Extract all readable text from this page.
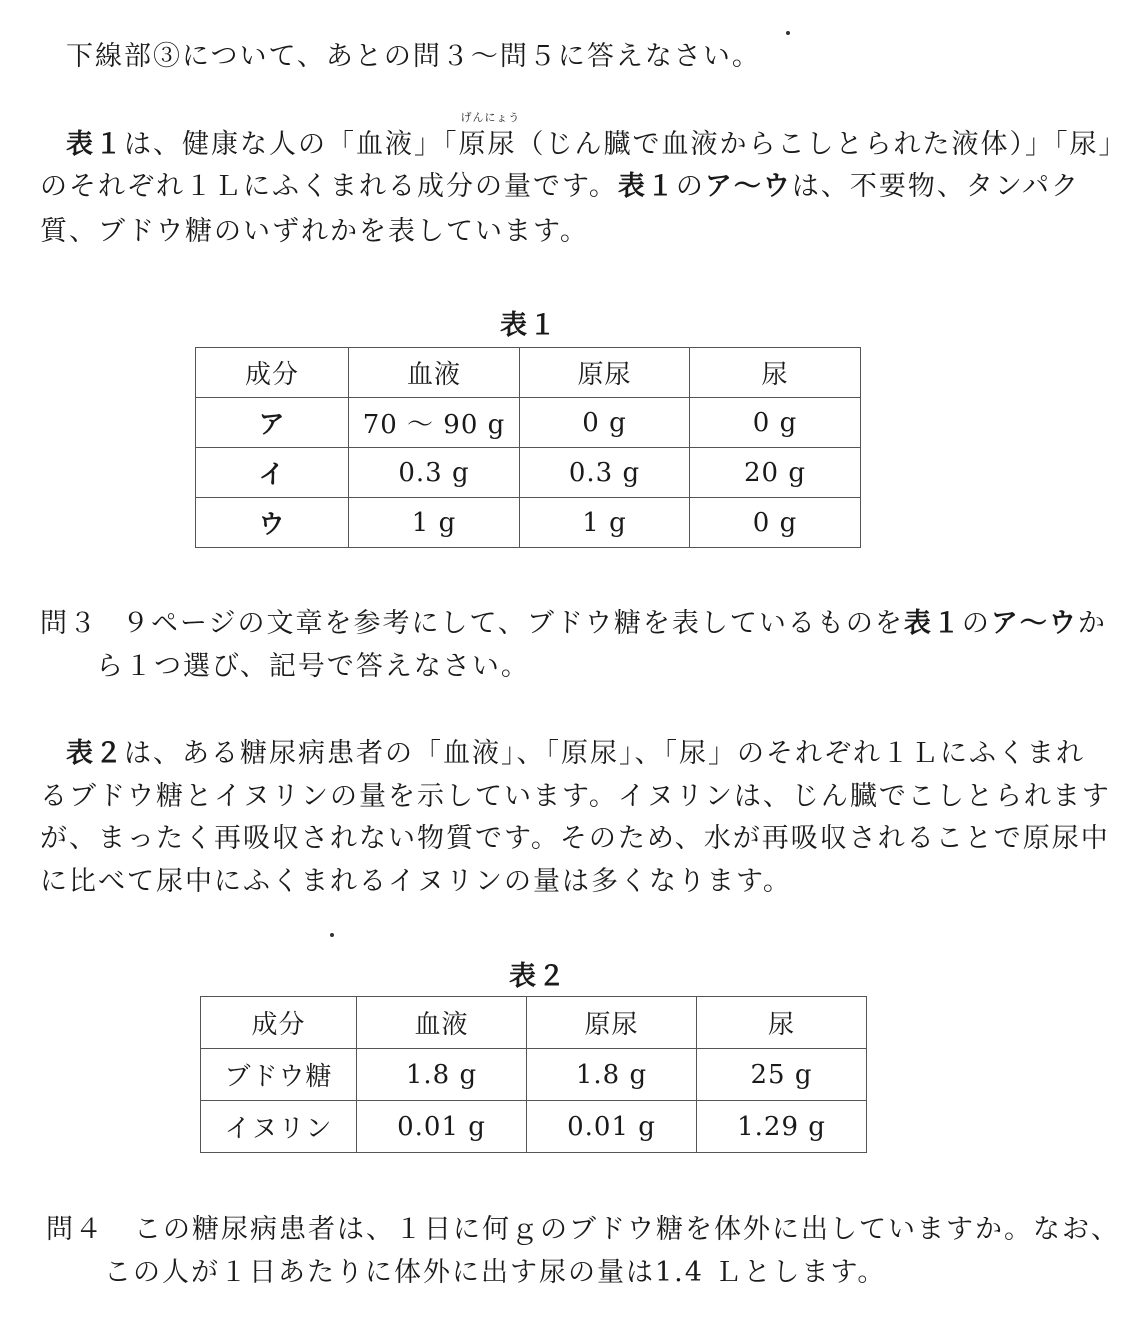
下線部③について、あとの問３～問５に答えなさい。
表１は、健康な人の「血液」「
げんにょう
原尿（じん臓で血液からこしとられた液体）」「尿」
のそれぞれ１Ｌにふくまれる成分の量です。表１のア～ウは、不要物、タンパク
質、ブドウ糖のいずれかを表しています。
表１
成分	血液	原尿	尿
ア	70 ～ 90 g	0 g	0 g
イ	0.3 g	0.3 g	20 g
ウ	1 g	1 g	0 g
問３ ９ページの文章を参考にして、ブドウ糖を表しているものを表１のア～ウか
ら１つ選び、記号で答えなさい。
表２は、ある糖尿病患者の「血液」、「原尿」、「尿」のそれぞれ１Ｌにふくまれ
るブドウ糖とイヌリンの量を示しています。イヌリンは、じん臓でこしとられます
が、まったく再吸収されない物質です。そのため、水が再吸収されることで原尿中
に比べて尿中にふくまれるイヌリンの量は多くなります。
表２
成分	血液	原尿	尿
ブドウ糖	1.8 g	1.8 g	25 g
イヌリン	0.01 g	0.01 g	1.29 g
問４ この糖尿病患者は、１日に何ｇのブドウ糖を体外に出していますか。なお、
この人が１日あたりに体外に出す尿の量は1.4 Ｌとします。
